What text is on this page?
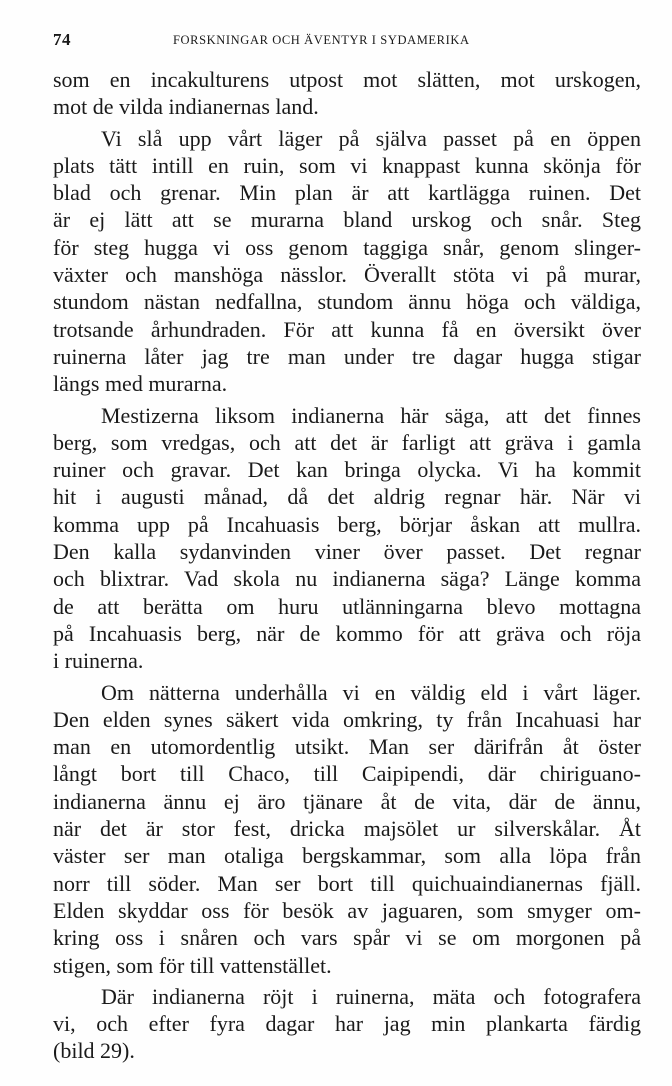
74	FORSKNINGAR OCH ÄVENTYR I SYDAMERIKA

som en incakulturens utpost mot slätten, mot urskogen,
mot de vilda indianernas land.

Vi slå upp vårt läger på själva passet på en öppen
plats tätt intill en ruin, som vi knappast kunna skönja för
blad och grenar. Min plan är att kartlägga ruinen. Det
är ej lätt att se murarna bland urskog och snår. Steg
för steg hugga vi oss genom taggiga snår, genom slinger-
växter och manshöga nässlor. Överallt stöta vi på murar,
stundom nästan nedfallna, stundom ännu höga och väldiga,
trotsande århundraden. För att kunna få en översikt över
ruinerna låter jag tre man under tre dagar hugga stigar
längs med murarna.

Mestizerna liksom indianerna här säga, att det finnes
berg, som vredgas, och att det är farligt att gräva i gamla
ruiner och gravar. Det kan bringa olycka. Vi ha kommit
hit i augusti månad, då det aldrig regnar här. När vi
komma upp på Incahuasis berg, börjar åskan att mullra.
Den kalla sydanvinden viner över passet. Det regnar
och blixtrar. Vad skola nu indianerna säga? Länge komma
de att berätta om huru utlänningarna blevo mottagna
på Incahuasis berg, när de kommo för att gräva och röja
i ruinerna.

Om nätterna underhålla vi en väldig eld i vårt läger.
Den elden synes säkert vida omkring, ty från Incahuasi har
man en utomordentlig utsikt. Man ser därifrån åt öster
långt bort till Chaco, till Caipipendi, där chiriguano-
indianerna ännu ej äro tjänare åt de vita, där de ännu,
när det är stor fest, dricka majsölet ur silverskålar. Åt
väster ser man otaliga bergskammar, som alla löpa från
norr till söder. Man ser bort till quichuaindianernas fjäll.
Elden skyddar oss för besök av jaguaren, som smyger om-
kring oss i snåren och vars spår vi se om morgonen på
stigen, som för till vattenstället.

Där indianerna röjt i ruinerna, mäta och fotografera
vi, och efter fyra dagar har jag min plankarta färdig
(bild 29).
